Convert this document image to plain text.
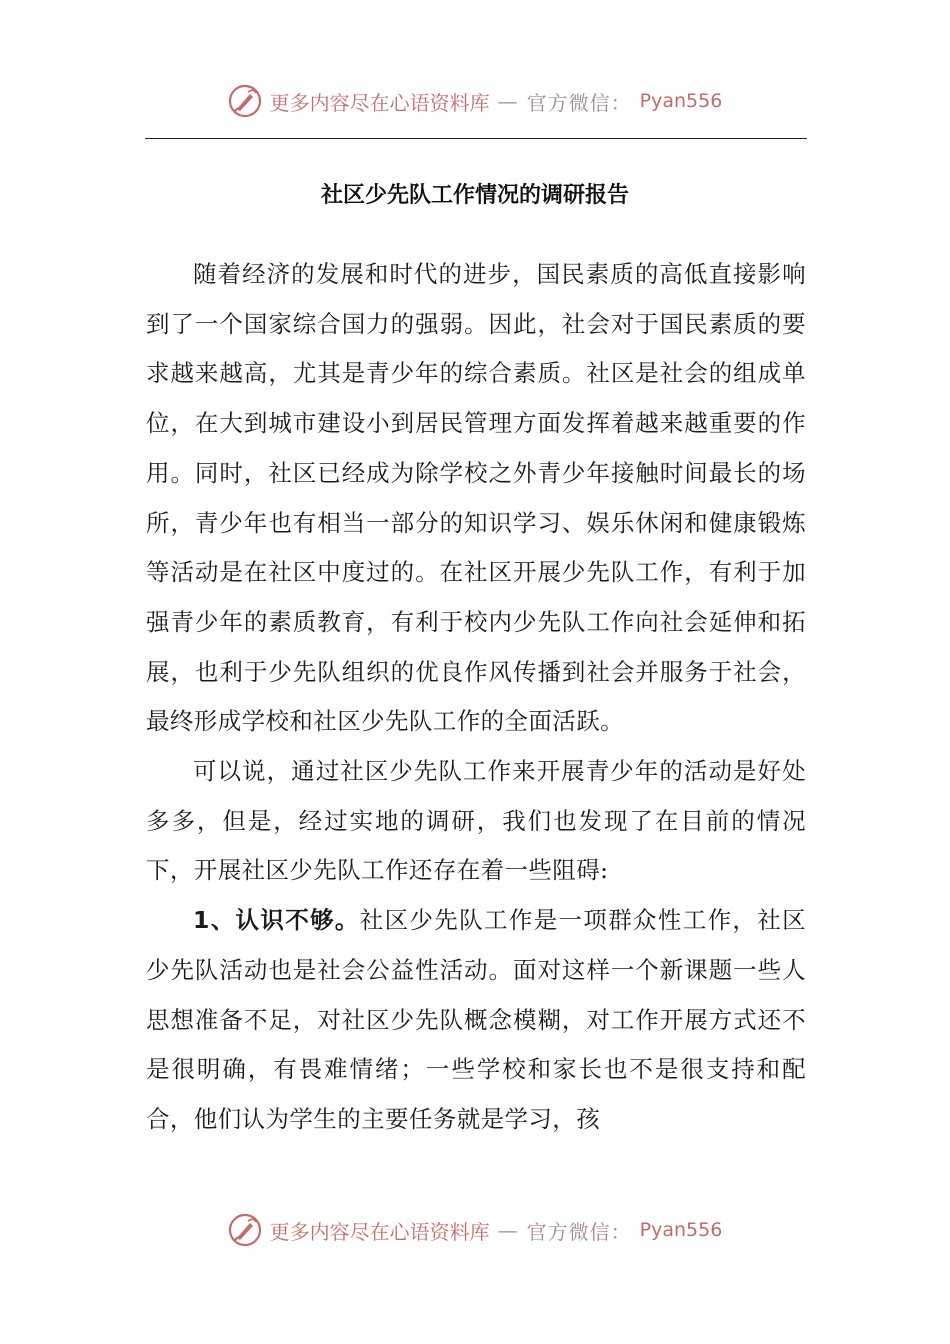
更多内容尽在心语资料库 — 官方微信： Pyan556
社区少先队工作情况的调研报告

随着经济的发展和时代的进步，国民素质的高低直接影响到了一个国家综合国力的强弱。因此，社会对于国民素质的要求越来越高，尤其是青少年的综合素质。社区是社会的组成单位，在大到城市建设小到居民管理方面发挥着越来越重要的作用。同时，社区已经成为除学校之外青少年接触时间最长的场所，青少年也有相当一部分的知识学习、娱乐休闲和健康锻炼等活动是在社区中度过的。在社区开展少先队工作，有利于加强青少年的素质教育，有利于校内少先队工作向社会延伸和拓展，也利于少先队组织的优良作风传播到社会并服务于社会，最终形成学校和社区少先队工作的全面活跃。

可以说，通过社区少先队工作来开展青少年的活动是好处多多，但是，经过实地的调研，我们也发现了在目前的情况下，开展社区少先队工作还存在着一些阻碍:

1、认识不够。社区少先队工作是一项群众性工作，社区少先队活动也是社会公益性活动。面对这样一个新课题一些人思想准备不足，对社区少先队概念模糊，对工作开展方式还不是很明确，有畏难情绪；一些学校和家长也不是很支持和配合，他们认为学生的主要任务就是学习，孩

更多内容尽在心语资料库 — 官方微信： Pyan556
